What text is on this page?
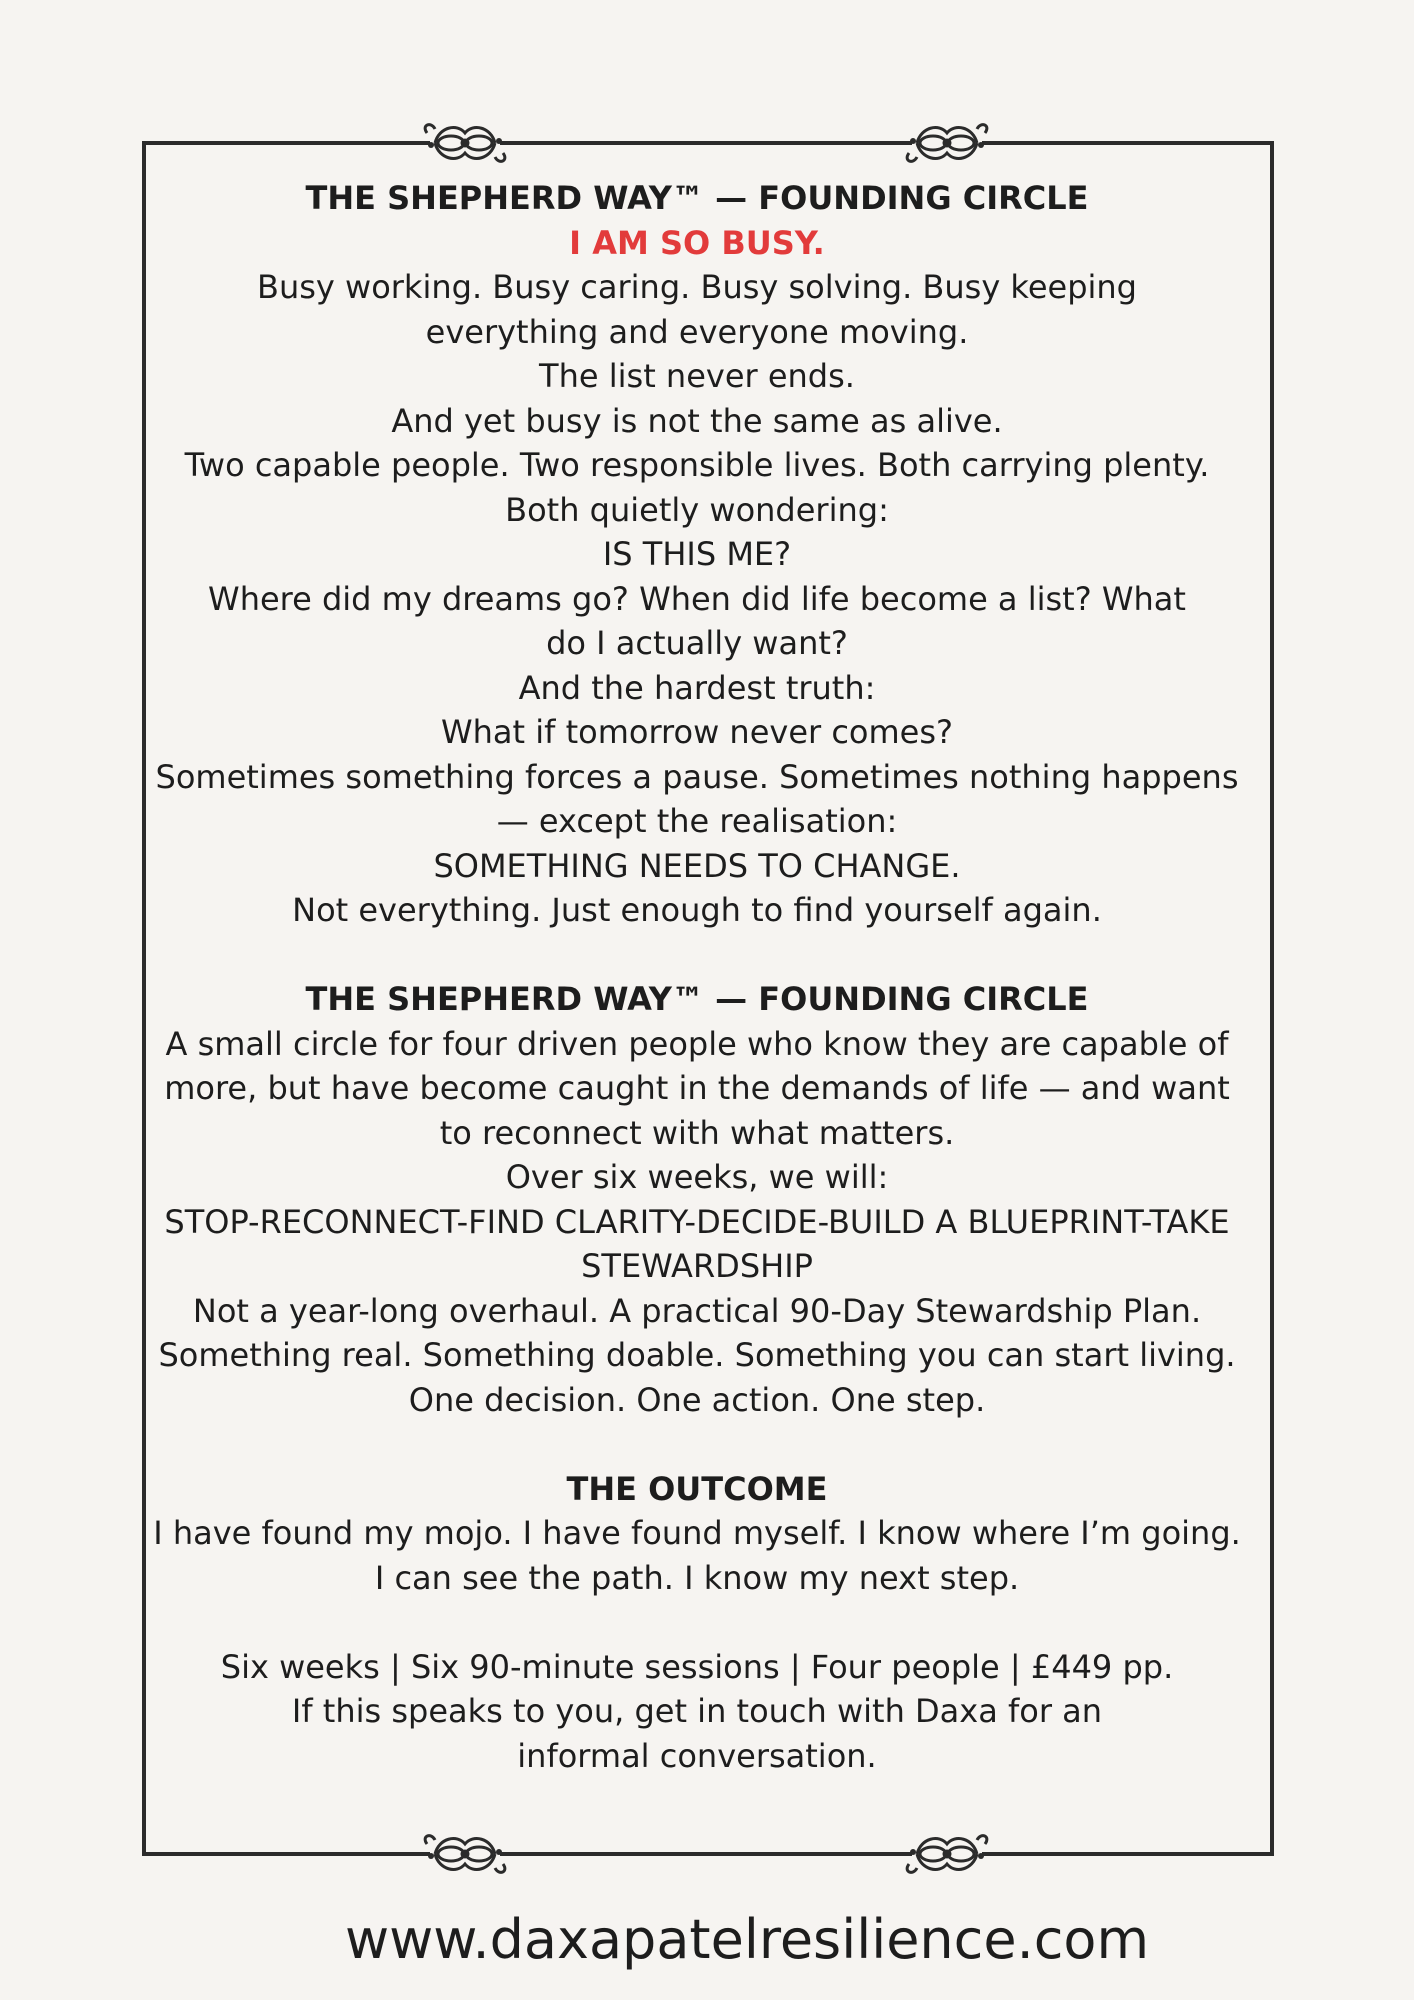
THE SHEPHERD WAY™ — FOUNDING CIRCLE
I AM SO BUSY.
Busy working. Busy caring. Busy solving. Busy keeping everything and everyone moving.
The list never ends.
And yet busy is not the same as alive.
Two capable people. Two responsible lives. Both carrying plenty.
Both quietly wondering:
IS THIS ME?
Where did my dreams go? When did life become a list? What do I actually want?
And the hardest truth:
What if tomorrow never comes?
Sometimes something forces a pause. Sometimes nothing happens — except the realisation:
SOMETHING NEEDS TO CHANGE.
Not everything. Just enough to find yourself again.
THE SHEPHERD WAY™ — FOUNDING CIRCLE
A small circle for four driven people who know they are capable of more, but have become caught in the demands of life — and want to reconnect with what matters.
Over six weeks, we will:
STOP-RECONNECT-FIND CLARITY-DECIDE-BUILD A BLUEPRINT-TAKE STEWARDSHIP
Not a year-long overhaul. A practical 90-Day Stewardship Plan.
Something real. Something doable. Something you can start living.
One decision. One action. One step.
THE OUTCOME
I have found my mojo. I have found myself. I know where I’m going. I can see the path. I know my next step.
Six weeks | Six 90-minute sessions | Four people | £449 pp.
If this speaks to you, get in touch with Daxa for an informal conversation.
www.daxapatelresilience.com
